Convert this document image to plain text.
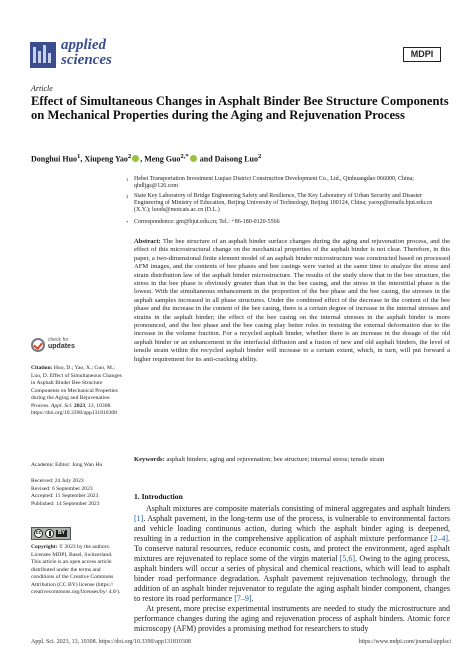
applied
sciences	MDPI
Article
Effect of Simultaneous Changes in Asphalt Binder Bee Structure Components on Mechanical Properties during the Aging and Rejuvenation Process
Donghui Huo$^1$, Xiupeng Yao$^2$ , Meng Guo$^{2,*}$ and Daisong Luo$^2$
1 Hebei Transportation Investment Luqiao District Construction Development Co., Ltd., Qinhuangdao 066000, China; qhdljgs@126.com
2 State Key Laboratory of Bridge Engineering Safety and Resilience, The Key Laboratory of Urban Security and Disaster Engineering of Ministry of Education, Beijing University of Technology, Beijing 100124, China; yaoxp@emails.bjut.edu.cn (X.Y.); luods@motcats.ac.cn (D.L.)
* Correspondence: gm@bjut.edu.cn; Tel.: +86-180-0120-5566
Abstract: The bee structure of an asphalt binder surface changes during the aging and rejuvenation process, and the effect of this microstructural change on the mechanical properties of the asphalt binder is not clear. Therefore, in this paper, a two-dimensional finite element model of an asphalt binder microstructure was constructed based on processed AFM images, and the contents of bee phases and bee casings were varied at the same time to analyze the stress and strain distribution law of the asphalt binder microstructure. The results of the study show that in the bee structure, the stress in the bee phase is obviously greater than that in the bee casing, and the stress in the interstitial phase is the lowest. With the simultaneous enhancement in the proportion of the bee phase and the bee casing, the stresses in the asphalt samples increased in all phase structures. Under the combined effect of the decrease in the content of the bee phase and the increase in the content of the bee casing, there is a certain degree of increase in the internal stresses and strains in the asphalt binder; the effect of the bee casing on the internal stresses in the asphalt binder is more pronounced, and the bee phase and the bee casing play better roles in resisting the external deformation due to the increase in the volume fraction. For a recycled asphalt binder, whether there is an increase in the dosage of the old asphalt binder or an enhancement in the interfacial diffusion and a fusion of new and old asphalt binders, the level of tensile strain within the recycled asphalt binder will increase to a certain extent, which, in turn, will put forward a higher requirement for its anti-cracking ability.
Keywords: asphalt binders; aging and rejuvenation; bee structure; internal stress; tensile strain
check for
updates
Citation: Huo, D.; Yao, X.; Guo, M.; Luo, D. Effect of Simultaneous Changes in Asphalt Binder Bee Structure Components on Mechanical Properties during the Aging and Rejuvenation Process. Appl. Sci. 2023, 13, 10308. https://doi.org/10.3390/app131810308
Academic Editor: Jong Wan Hu
Received: 24 July 2023
Revised: 6 September 2023
Accepted: 11 September 2023
Published: 14 September 2023
cc	BY
Copyright: © 2023 by the authors. Licensee MDPI, Basel, Switzerland. This article is an open access article distributed under the terms and conditions of the Creative Commons Attribution (CC BY) license (https:// creativecommons.org/licenses/by/ 4.0/).
1. Introduction

Asphalt mixtures are composite materials consisting of mineral aggregates and asphalt binders [1]. Asphalt pavement, in the long-term use of the process, is vulnerable to environmental factors and vehicle loading continuous action, during which the asphalt binder aging is deepened, resulting in a reduction in the comprehensive application of asphalt mixture performance [2–4]. To conserve natural resources, reduce economic costs, and protect the environment, aged asphalt mixtures are rejuvenated to replace some of the virgin material [5,6]. Owing to the aging process, asphalt binders will occur a series of physical and chemical reactions, which will lead to asphalt binder road performance degradation. Asphalt pavement rejuvenation technology, through the addition of an asphalt binder rejuvenator to regulate the aging asphalt binder component, changes to restore its road performance [7–9].

At present, more precise experimental instruments are needed to study the microstructure and performance changes during the aging and rejuvenation process of asphalt binders. Atomic force microscopy (AFM) provides a promising method for researchers to study

Appl. Sci. 2023, 13, 10308. https://doi.org/10.3390/app131810308	https://www.mdpi.com/journal/applsci
